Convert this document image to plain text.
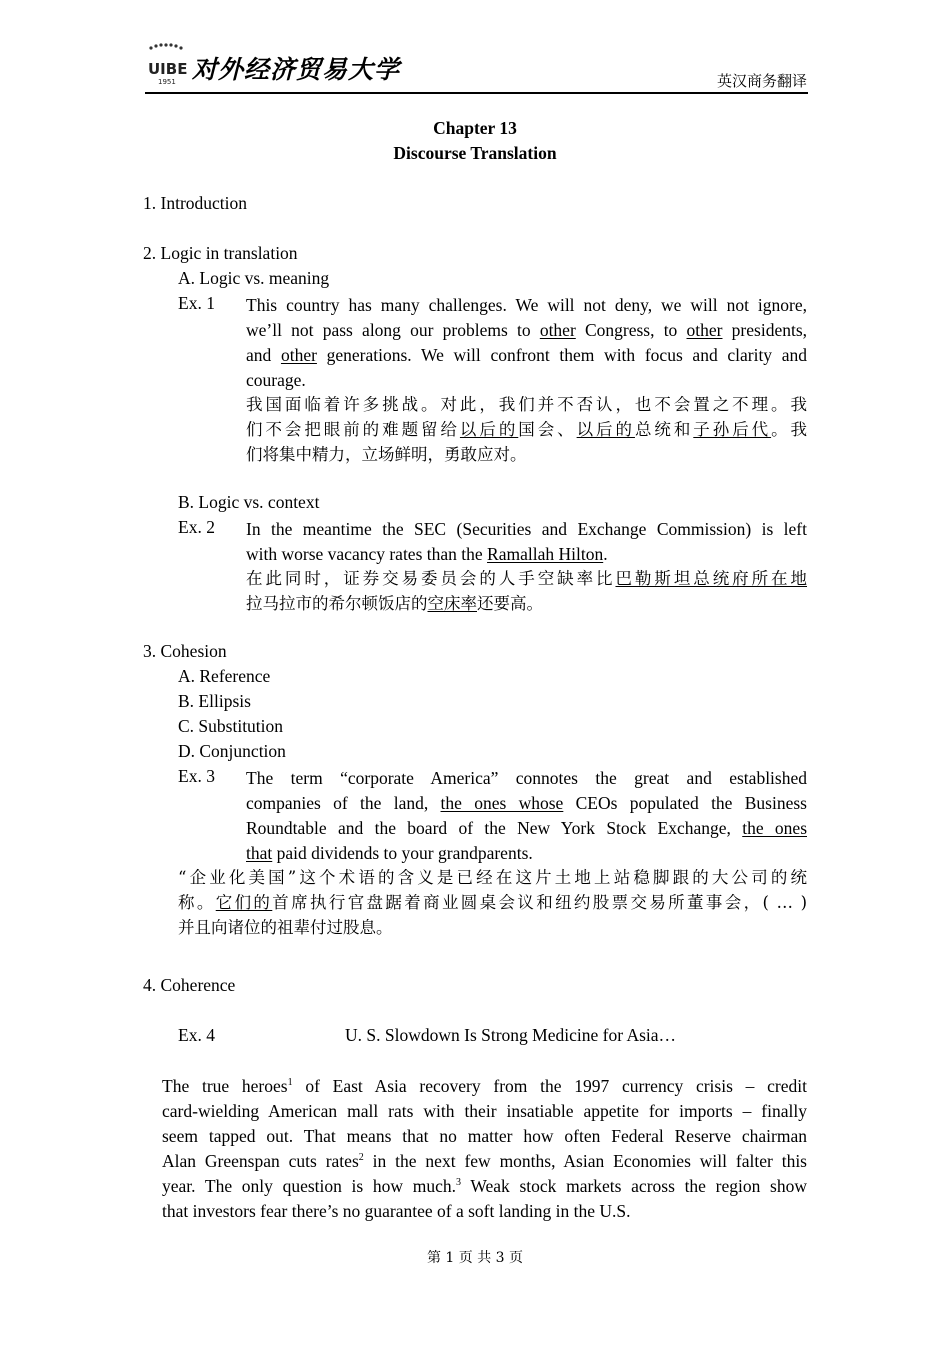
UIBE
1951 对外经济贸易大学	英汉商务翻译
Chapter 13
Discourse Translation
1. Introduction
2. Logic in translation
A. Logic vs. meaning
Ex. 1 This country has many challenges. We will not deny, we will not ignore,
we’ll not pass along our problems to other Congress, to other presidents,
and other generations. We will confront them with focus and clarity and
courage.
我国面临着许多挑战。对此，我们并不否认，也不会置之不理。我
们不会把眼前的难题留给以后的国会、以后的总统和子孙后代。我
们将集中精力，立场鲜明，勇敢应对。
B. Logic vs. context
Ex. 2 In the meantime the SEC (Securities and Exchange Commission) is left
with worse vacancy rates than the Ramallah Hilton.
在此同时，证券交易委员会的人手空缺率比巴勒斯坦总统府所在地
拉马拉市的希尔顿饭店的空床率还要高。
3. Cohesion
A. Reference
B. Ellipsis
C. Substitution
D. Conjunction
Ex. 3 The term “corporate America” connotes the great and established
companies of the land, the ones whose CEOs populated the Business
Roundtable and the board of the New York Stock Exchange, the ones
that paid dividends to your grandparents.
“企业化美国”这个术语的含义是已经在这片土地上站稳脚跟的大公司的统
称。它们的首席执行官盘踞着商业圆桌会议和纽约股票交易所董事会，( … )
并且向诸位的祖辈付过股息。
4. Coherence
Ex. 4	U. S. Slowdown Is Strong Medicine for Asia…
The true heroes$^1$ of East Asia recovery from the 1997 currency crisis – credit
card-wielding American mall rats with their insatiable appetite for imports – finally
seem tapped out. That means that no matter how often Federal Reserve chairman
Alan Greenspan cuts rates$^2$ in the next few months, Asian Economies will falter this
year. The only question is how much.$^3$ Weak stock markets across the region show
that investors fear there’s no guarantee of a soft landing in the U.S.
第 1 页 共 3 页
